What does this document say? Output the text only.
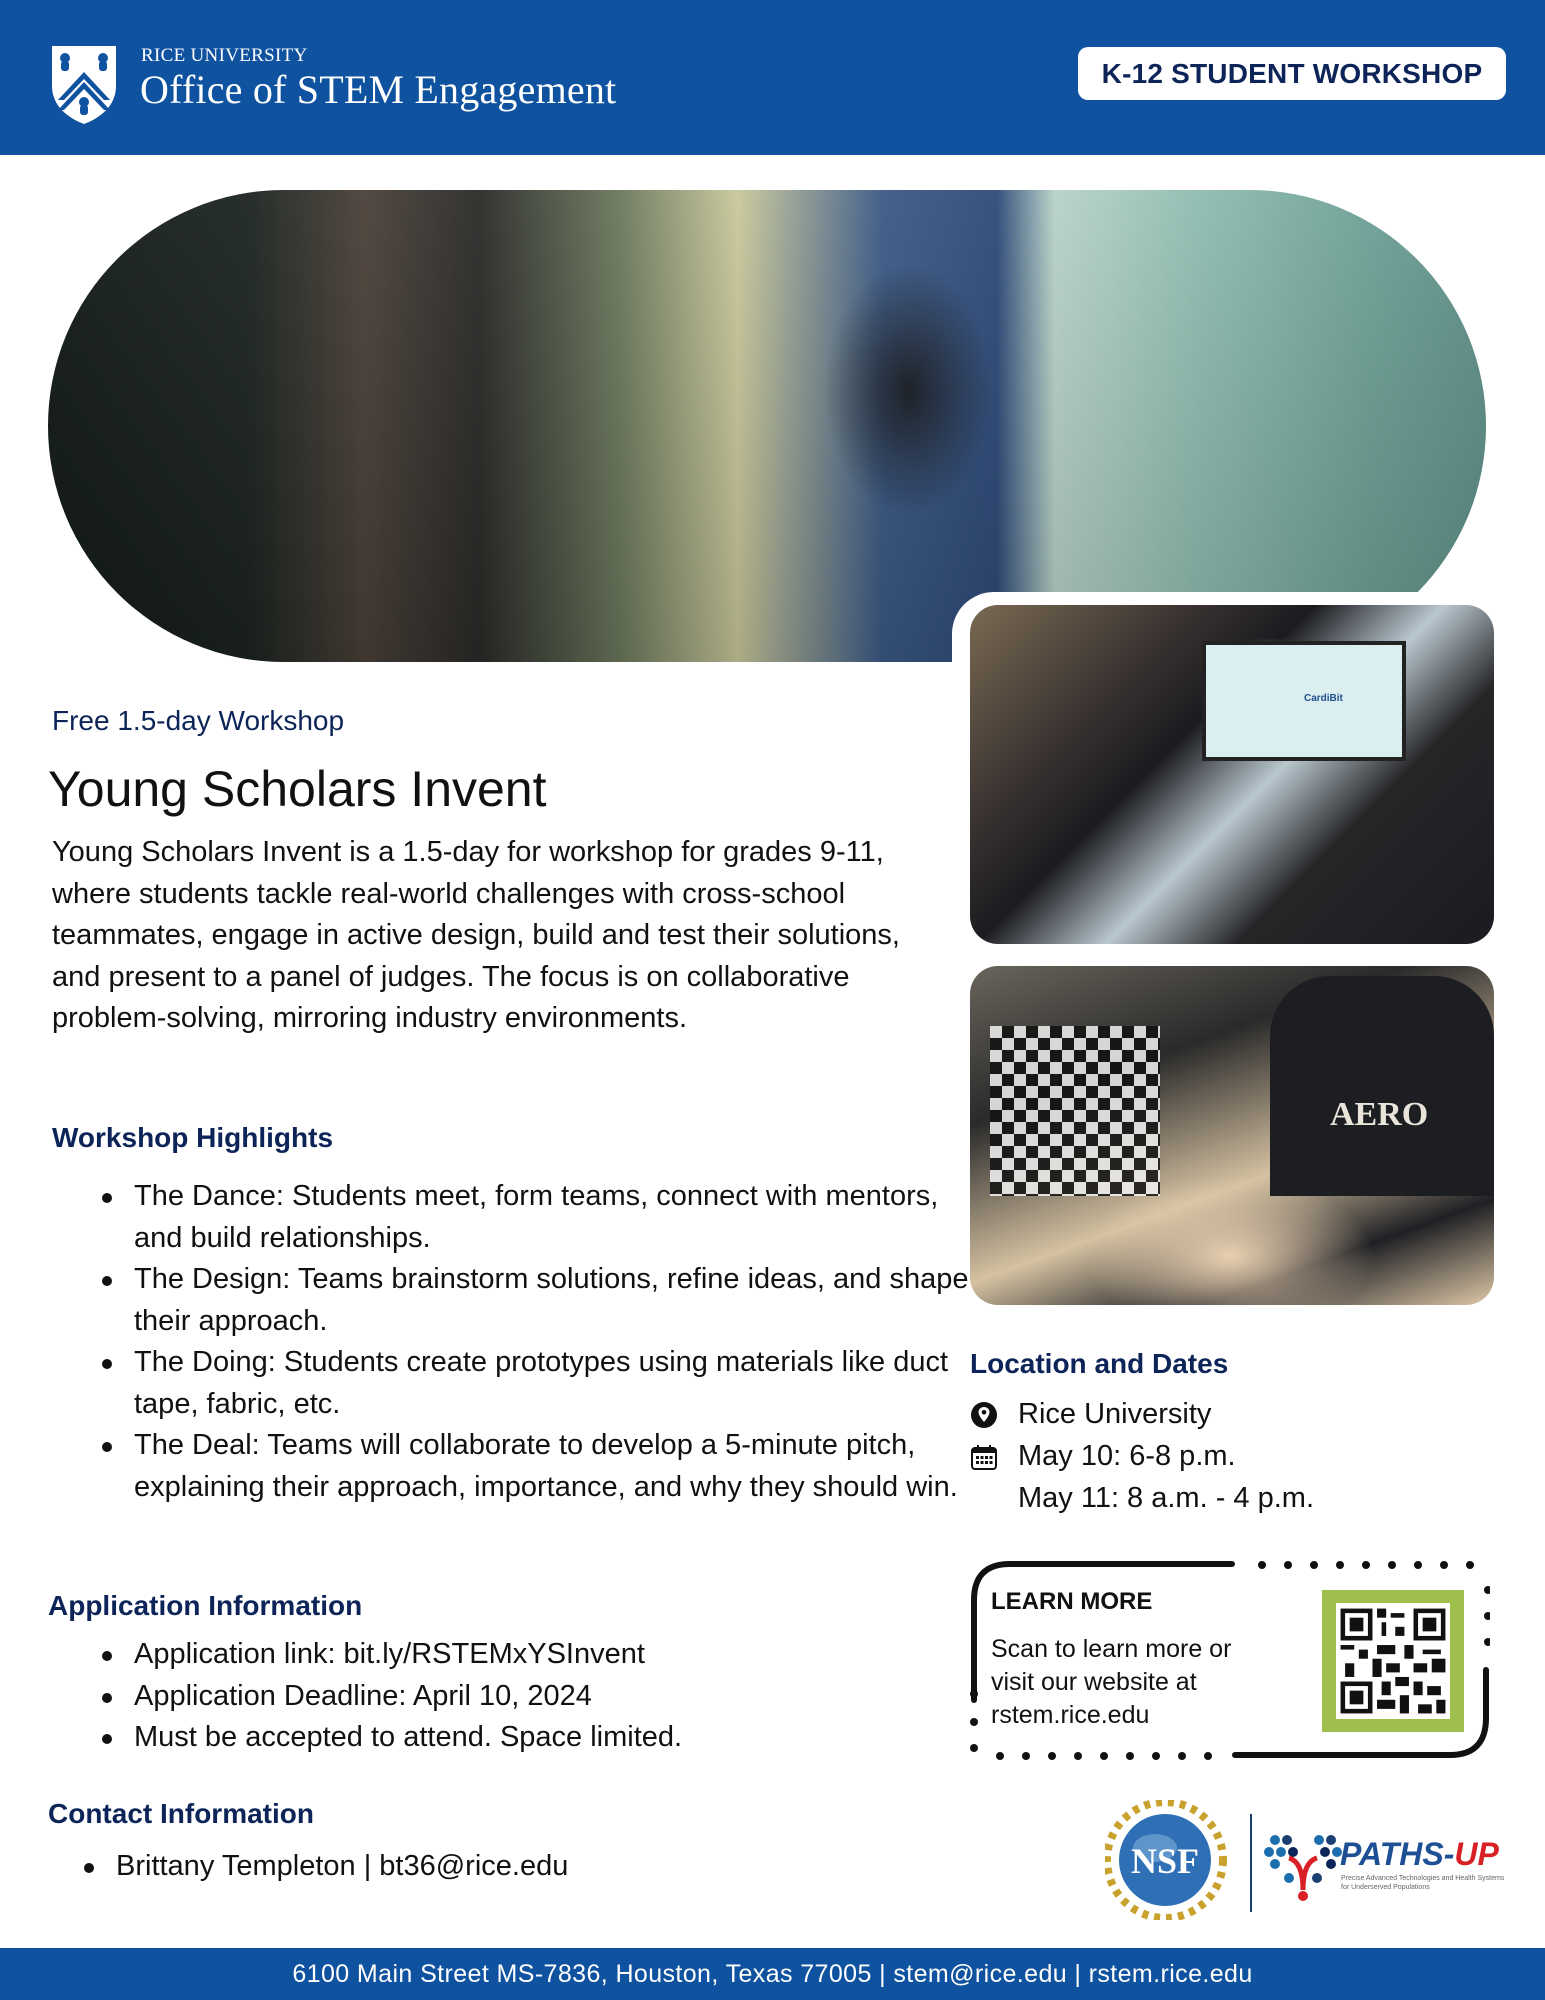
RICE UNIVERSITY
Office of STEM Engagement	K-12 STUDENT WORKSHOP
CardiBit
AERO
Free 1.5-day Workshop
Young Scholars Invent
Young Scholars Invent is a 1.5-day for workshop for grades 9-11, where students tackle real-world challenges with cross-school teammates, engage in active design, build and test their solutions, and present to a panel of judges. The focus is on collaborative problem-solving, mirroring industry environments.
Workshop Highlights
The Dance: Students meet, form teams, connect with mentors, and build relationships.
The Design: Teams brainstorm solutions, refine ideas, and shape their approach.
The Doing: Students create prototypes using materials like duct tape, fabric, etc.
The Deal: Teams will collaborate to develop a 5-minute pitch, explaining their approach, importance, and why they should win.
Application Information
Application link: bit.ly/RSTEMxYSInvent
Application Deadline: April 10, 2024
Must be accepted to attend. Space limited.
Contact Information
Brittany Templeton | bt36@rice.edu
Location and Dates
Rice University
May 10: 6-8 p.m.
May 11: 8 a.m. - 4 p.m.
LEARN MORE
Scan to learn more or visit our website at rstem.rice.edu
NSF	PATHS-UP
Precise Advanced Technologies and Health Systems for Underserved Populations
6100 Main Street MS-7836, Houston, Texas 77005 | stem@rice.edu | rstem.rice.edu
